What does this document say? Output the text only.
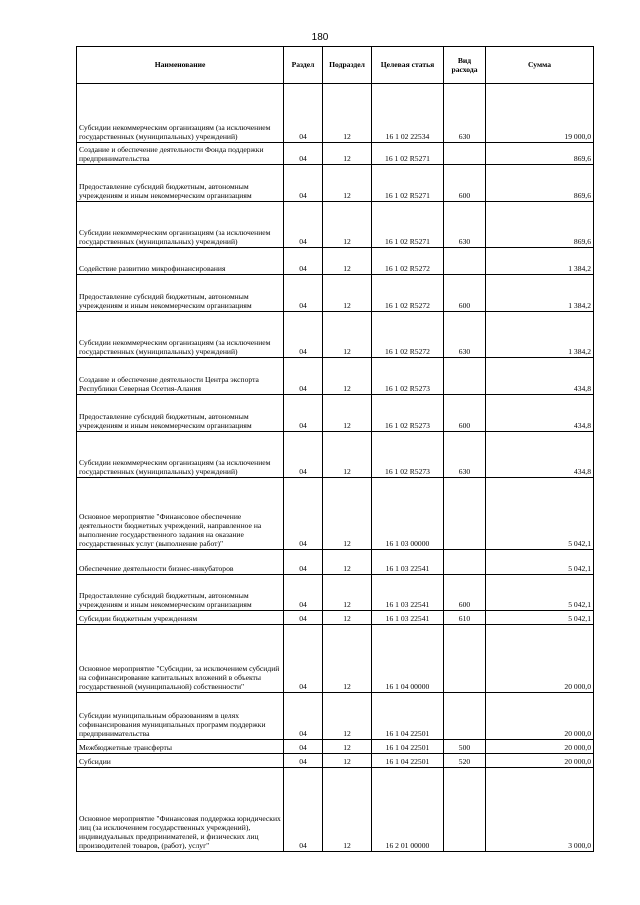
180
Наименование	Раздел	Подраздел	Целевая статья	Вид расхода	Сумма
Субсидии некоммерческим организациям (за исключением государственных (муниципальных) учреждений)	04	12	16 1 02 22534	630	19 000,0
Создание и обеспечение деятельности Фонда поддержки предпринимательства	04	12	16 1 02 R5271		869,6
Предоставление субсидий бюджетным, автономным учреждениям и иным некоммерческим организациям	04	12	16 1 02 R5271	600	869,6
Субсидии некоммерческим организациям (за исключением государственных (муниципальных) учреждений)	04	12	16 1 02 R5271	630	869,6
Содействие развитию микрофинансирования	04	12	16 1 02 R5272		1 384,2
Предоставление субсидий бюджетным, автономным учреждениям и иным некоммерческим организациям	04	12	16 1 02 R5272	600	1 384,2
Субсидии некоммерческим организациям (за исключением государственных (муниципальных) учреждений)	04	12	16 1 02 R5272	630	1 384,2
Создание и обеспечение деятельности Центра экспорта Республики Северная Осетия-Алания	04	12	16 1 02 R5273		434,8
Предоставление субсидий бюджетным, автономным учреждениям и иным некоммерческим организациям	04	12	16 1 02 R5273	600	434,8
Субсидии некоммерческим организациям (за исключением государственных (муниципальных) учреждений)	04	12	16 1 02 R5273	630	434,8
Основное мероприятие "Финансовое обеспечение деятельности бюджетных учреждений, направленное на выполнение государственного задания на оказание государственных услуг (выполнение работ)"	04	12	16 1 03 00000		5 042,1
Обеспечение деятельности бизнес-инкубаторов	04	12	16 1 03 22541		5 042,1
Предоставление субсидий бюджетным, автономным учреждениям и иным некоммерческим организациям	04	12	16 1 03 22541	600	5 042,1
Субсидии бюджетным учреждениям	04	12	16 1 03 22541	610	5 042,1
Основное мероприятие "Субсидии, за исключением субсидий на софинансирование капитальных вложений в объекты государственной (муниципальной) собственности"	04	12	16 1 04 00000		20 000,0
Субсидии муниципальным образованиям в целях софинансирования муниципальных программ поддержки предпринимательства	04	12	16 1 04 22501		20 000,0
Межбюджетные трансферты	04	12	16 1 04 22501	500	20 000,0
Субсидии	04	12	16 1 04 22501	520	20 000,0
Основное мероприятие "Финансовая поддержка юридических лиц (за исключением государственных учреждений), индивидуальных предпринимателей, и физических лиц производителей товаров, (работ), услуг"	04	12	16 2 01 00000		3 000,0
